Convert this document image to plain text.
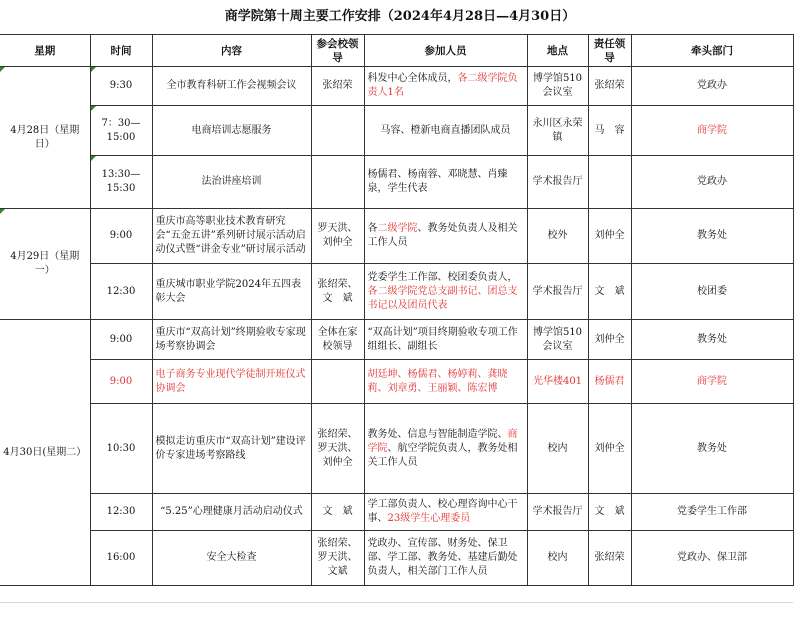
商学院第十周主要工作安排（2024年4月28日—4月30日）
星期	时间	内容	参会校领导	参加人员	地点	责任领导	牵头部门
4月28日（星期日）	9:30	全市教育科研工作会视频会议	张绍荣	科发中心全体成员，各二级学院负责人1名	博学馆510会议室	张绍荣	党政办
	7：30—15:00	电商培训志愿服务		马容、橙新电商直播团队成员	永川区永荣镇	马　容	商学院
	13:30—15:30	法治讲座培训		杨儒君、杨南蓉、邓晓慧、肖臻泉，学生代表	学术报告厅		党政办
4月29日（星期一）	9:00	重庆市高等职业技术教育研究会“五金五讲”系列研讨展示活动启动仪式暨“讲金专业”研讨展示活动	罗天洪、刘仲全	各二级学院、教务处负责人及相关工作人员	校外	刘仲全	教务处
	12:30	重庆城市职业学院2024年五四表彰大会	张绍荣、文　斌	党委学生工作部、校团委负责人，各二级学院党总支副书记、团总支书记以及团员代表	学术报告厅	文　斌	校团委
4月30日(星期二）	9:00	重庆市“双高计划”终期验收专家现场考察协调会	全体在家校领导	“双高计划”项目终期验收专项工作组组长、副组长	博学馆510会议室	刘仲全	教务处
	9:00	电子商务专业现代学徒制开班仪式协调会		胡廷坤、杨儒君、杨婷莉、龚晓莉、刘章勇、王丽颖、陈宏博	光华楼401	杨儒君	商学院
	10:30	模拟走访重庆市“双高计划”建设评价专家进场考察路线	张绍荣、罗天洪、刘仲全	教务处、信息与智能制造学院、商学院、航空学院负责人，教务处相关工作人员	校内	刘仲全	教务处
	12:30	“5.25”心理健康月活动启动仪式	文　斌	学工部负责人、校心理咨询中心干事、23级学生心理委员	学术报告厅	文　斌	党委学生工作部
	16:00	安全大检查	张绍荣、罗天洪、文斌	党政办、宣传部、财务处、保卫部、学工部、教务处、基建后勤处负责人，相关部门工作人员	校内	张绍荣	党政办、保卫部
